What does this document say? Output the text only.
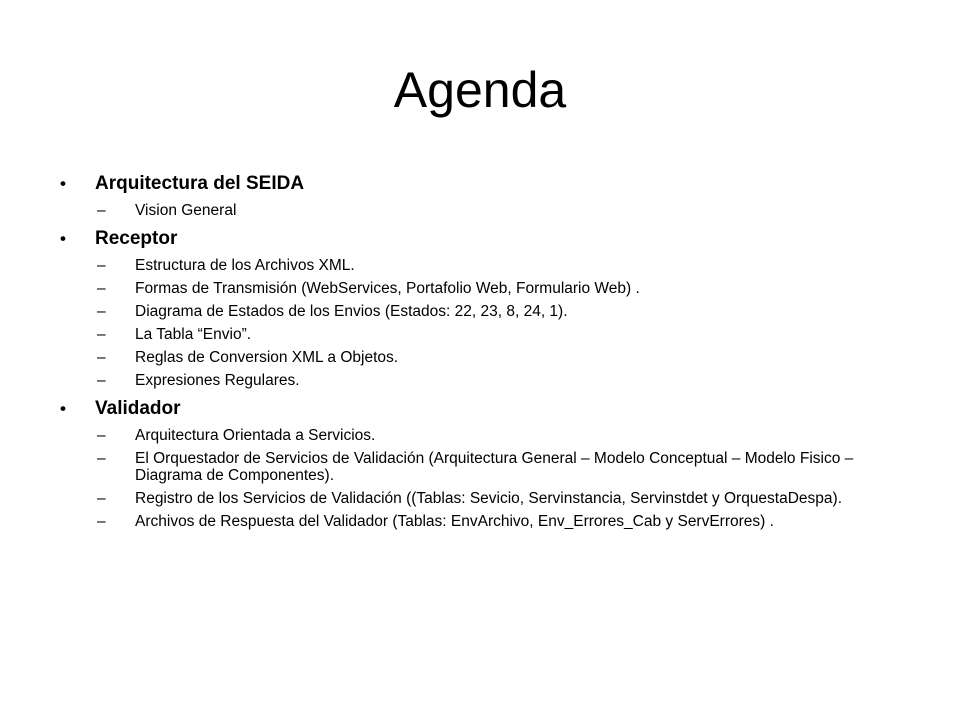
Agenda
•	Arquitectura del SEIDA
– Vision General
•	Receptor
– Estructura de los Archivos XML.
– Formas de Transmisión (WebServices, Portafolio Web, Formulario Web) .
– Diagrama de Estados de los Envios (Estados: 22, 23, 8, 24, 1).
– La Tabla “Envio”.
– Reglas de Conversion XML a Objetos.
– Expresiones Regulares.
•	Validador
– Arquitectura Orientada a Servicios.
– El Orquestador de Servicios de Validación (Arquitectura General – Modelo Conceptual – Modelo Fisico – Diagrama de Componentes).
– Registro de los Servicios de Validación ((Tablas: Sevicio, Servinstancia, Servinstdet y OrquestaDespa).
– Archivos de Respuesta del Validador (Tablas: EnvArchivo, Env_Errores_Cab y ServErrores) .
